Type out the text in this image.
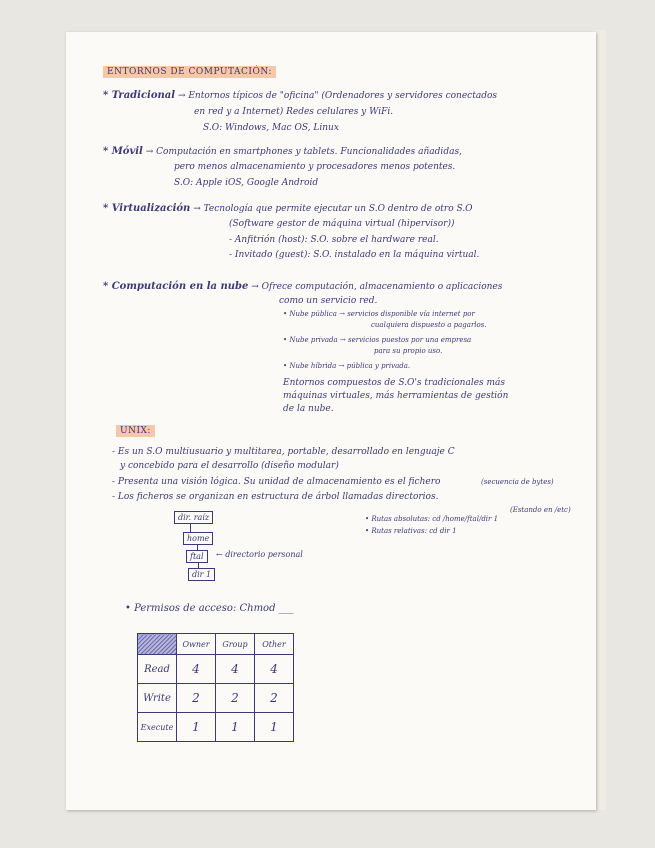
ENTORNOS DE COMPUTACIÓN:
* Tradicional → Entornos típicos de "oficina" (Ordenadores y servidores conectados
en red y a Internet) Redes celulares y WiFi.
S.O: Windows, Mac OS, Linux
* Móvil → Computación en smartphones y tablets. Funcionalidades añadidas,
pero menos almacenamiento y procesadores menos potentes.
S.O: Apple iOS, Google Android
* Virtualización → Tecnología que permite ejecutar un S.O dentro de otro S.O
(Software gestor de máquina virtual (hipervisor))
- Anfitrión (host): S.O. sobre el hardware real.
- Invitado (guest): S.O. instalado en la máquina virtual.
* Computación en la nube → Ofrece computación, almacenamiento o aplicaciones
como un servicio red.
• Nube pública → servicios disponible vía internet por
cualquiera dispuesto a pagarlos.
• Nube privada → servicios puestos por una empresa
para su propio uso.
• Nube híbrida → pública y privada.
Entornos compuestos de S.O's tradicionales más
máquinas virtuales, más herramientas de gestión
de la nube.
UNIX:
- Es un S.O multiusuario y multitarea, portable, desarrollado en lenguaje C
y concebido para el desarrollo (diseño modular)
- Presenta una visión lógica. Su unidad de almacenamiento es el fichero	(secuencia de bytes)
- Los ficheros se organizan en estructura de árbol llamadas directorios.
(Estando en /etc)
• Rutas absolutas: cd /home/ftal/dir 1
• Rutas relativas: cd dir 1
dir. raíz
home
ftal	← directorio personal
dir 1
• Permisos de acceso: Chmod ___
	Owner	Group	Other
Read	4	4	4
Write	2	2	2
Execute	1	1	1
